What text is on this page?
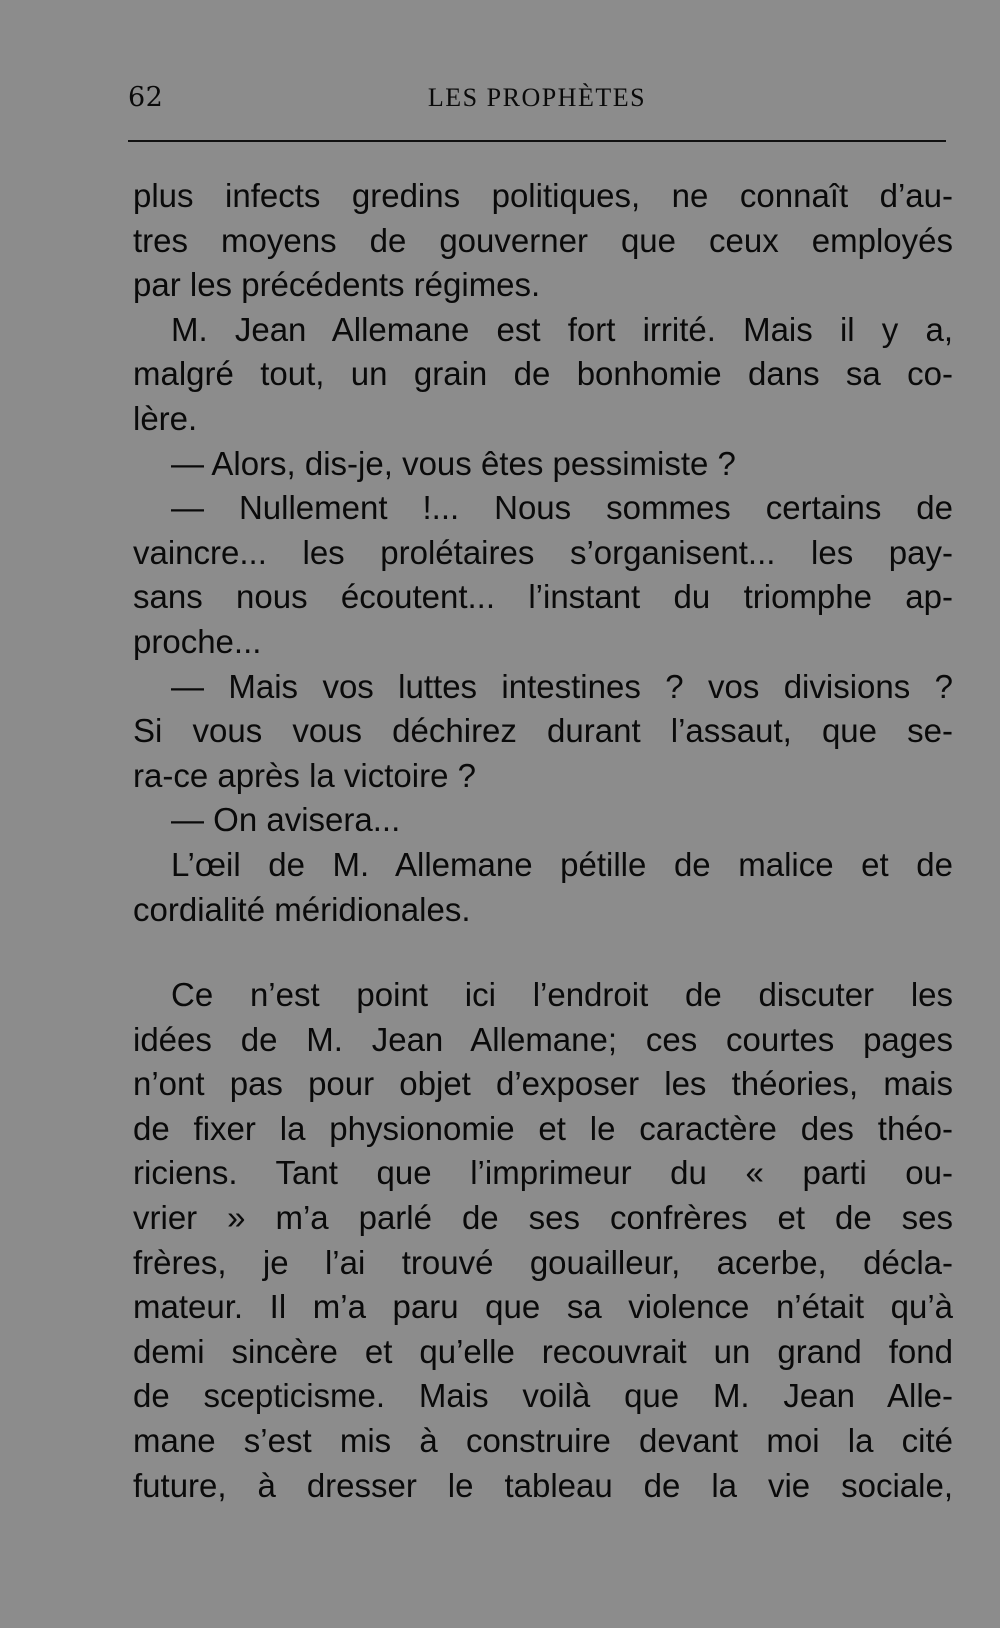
62	LES PROPHÈTES
plus infects gredins politiques, ne connaît d’au-
tres moyens de gouverner que ceux employés
par les précédents régimes.
M. Jean Allemane est fort irrité. Mais il y a,
malgré tout, un grain de bonhomie dans sa co-
lère.
— Alors, dis-je, vous êtes pessimiste ?
— Nullement !... Nous sommes certains de
vaincre... les prolétaires s’organisent... les pay-
sans nous écoutent... l’instant du triomphe ap-
proche...
— Mais vos luttes intestines ? vos divisions ?
Si vous vous déchirez durant l’assaut, que se-
ra-ce après la victoire ?
— On avisera...
L’œil de M. Allemane pétille de malice et de
cordialité méridionales.
Ce n’est point ici l’endroit de discuter les
idées de M. Jean Allemane; ces courtes pages
n’ont pas pour objet d’exposer les théories, mais
de fixer la physionomie et le caractère des théo-
riciens. Tant que l’imprimeur du « parti ou-
vrier » m’a parlé de ses confrères et de ses
frères, je l’ai trouvé gouailleur, acerbe, décla-
mateur. Il m’a paru que sa violence n’était qu’à
demi sincère et qu’elle recouvrait un grand fond
de scepticisme. Mais voilà que M. Jean Alle-
mane s’est mis à construire devant moi la cité
future, à dresser le tableau de la vie sociale,
